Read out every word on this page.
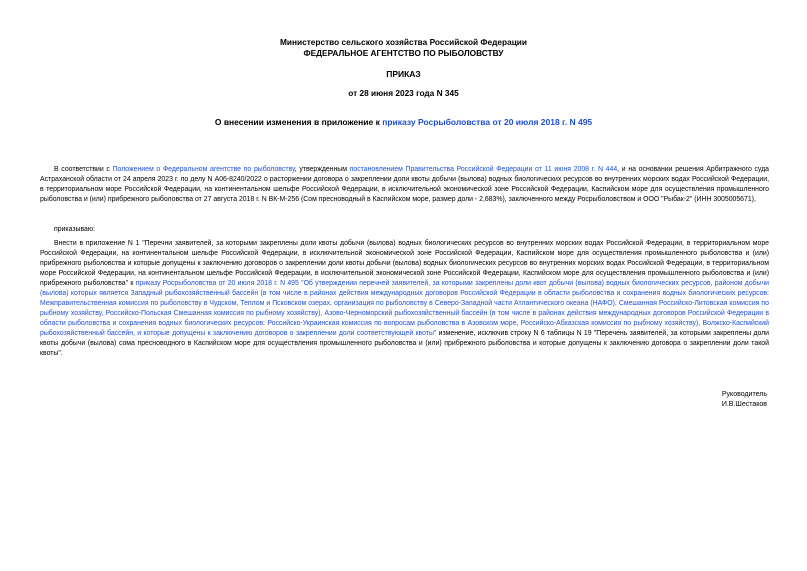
Министерство сельского хозяйства Российской Федерации
ФЕДЕРАЛЬНОЕ АГЕНТСТВО ПО РЫБОЛОВСТВУ
ПРИКАЗ
от 28 июня 2023 года N 345
О внесении изменения в приложение к приказу Росрыболовства от 20 июля 2018 г. N 495
В соответствии с Положением о Федеральном агентстве по рыболовству, утвержденным постановлением Правительства Российской Федерации от 11 июня 2008 г. N 444, и на основании решения Арбитражного суда Астраханской области от 24 апреля 2023 г. по делу N А06-8240/2022 о расторжении договора о закреплении доли квоты добычи (вылова) водных биологических ресурсов во внутренних морских водах Российской Федерации, в территориальном море Российской Федерации, на континентальном шельфе Российской Федерации, в исключительной экономической зоне Российской Федерации, Каспийском море для осуществления промышленного рыболовства и (или) прибрежного рыболовства от 27 августа 2018 г. N ВК-М-256 (Сом пресноводный в Каспийском море, размер доли - 2,683%), заключенного между Росрыболовством и ООО "Рыбак-2" (ИНН 3005005671),
приказываю:
Внести в приложение N 1 "Перечни заявителей, за которыми закреплены доли квоты добычи (вылова) водных биологических ресурсов во внутренних морских водах Российской Федерации, в территориальном море Российской Федерации, на континентальном шельфе Российской Федерации, в исключительной экономической зоне Российской Федерации, Каспийском море для осуществления промышленного рыболовства и (или) прибрежного рыболовства и которые допущены к заключению договоров о закреплении доли квоты добычи (вылова) водных биологических ресурсов во внутренних морских водах Российской Федерации, в территориальном море Российской Федерации, на континентальном шельфе Российской Федерации, в исключительной экономической зоне Российской Федерации, Каспийском море для осуществления промышленного рыболовства и (или) прибрежного рыболовства" к приказу Росрыболовства от 20 июля 2018 г. N 495 "Об утверждении перечней заявителей, за которыми закреплены доли квот добычи (вылова) водных биологических ресурсов, районом добычи (вылова) которых является Западный рыбохозяйственный бассейн (в том числе в районах действия международных договоров Российской Федерации в области рыболовства и сохранения водных биологических ресурсов: Межправительственная комиссия по рыболовству в Чудском, Теплом и Псковском озерах, организация по рыболовству в Северо-Западной части Атлантического океана (НАФО), Смешанная Российско-Литовская комиссия по рыбному хозяйству, Российско-Польская Смешанная комиссия по рыбному хозяйству), Азово-Черноморский рыбохозяйственный бассейн (в том числе в районах действия международных договоров Российской Федерации в области рыболовства и сохранения водных биологических ресурсов: Российско-Украинская комиссия по вопросам рыболовства в Азовском море, Российско-Абхазская комиссия по рыбному хозяйству), Волжско-Каспийский рыбохозяйственный бассейн, и которые допущены к заключению договоров о закреплении доли соответствующей квоты" изменение, исключив строку N 6 таблицы N 19 "Перечень заявителей, за которыми закреплены доли квоты добычи (вылова) сома пресноводного в Каспийском море для осуществления промышленного рыболовства и (или) прибрежного рыболовства и которые допущены к заключению договора о закреплении доли такой квоты".
Руководитель
И.В.Шестаков
